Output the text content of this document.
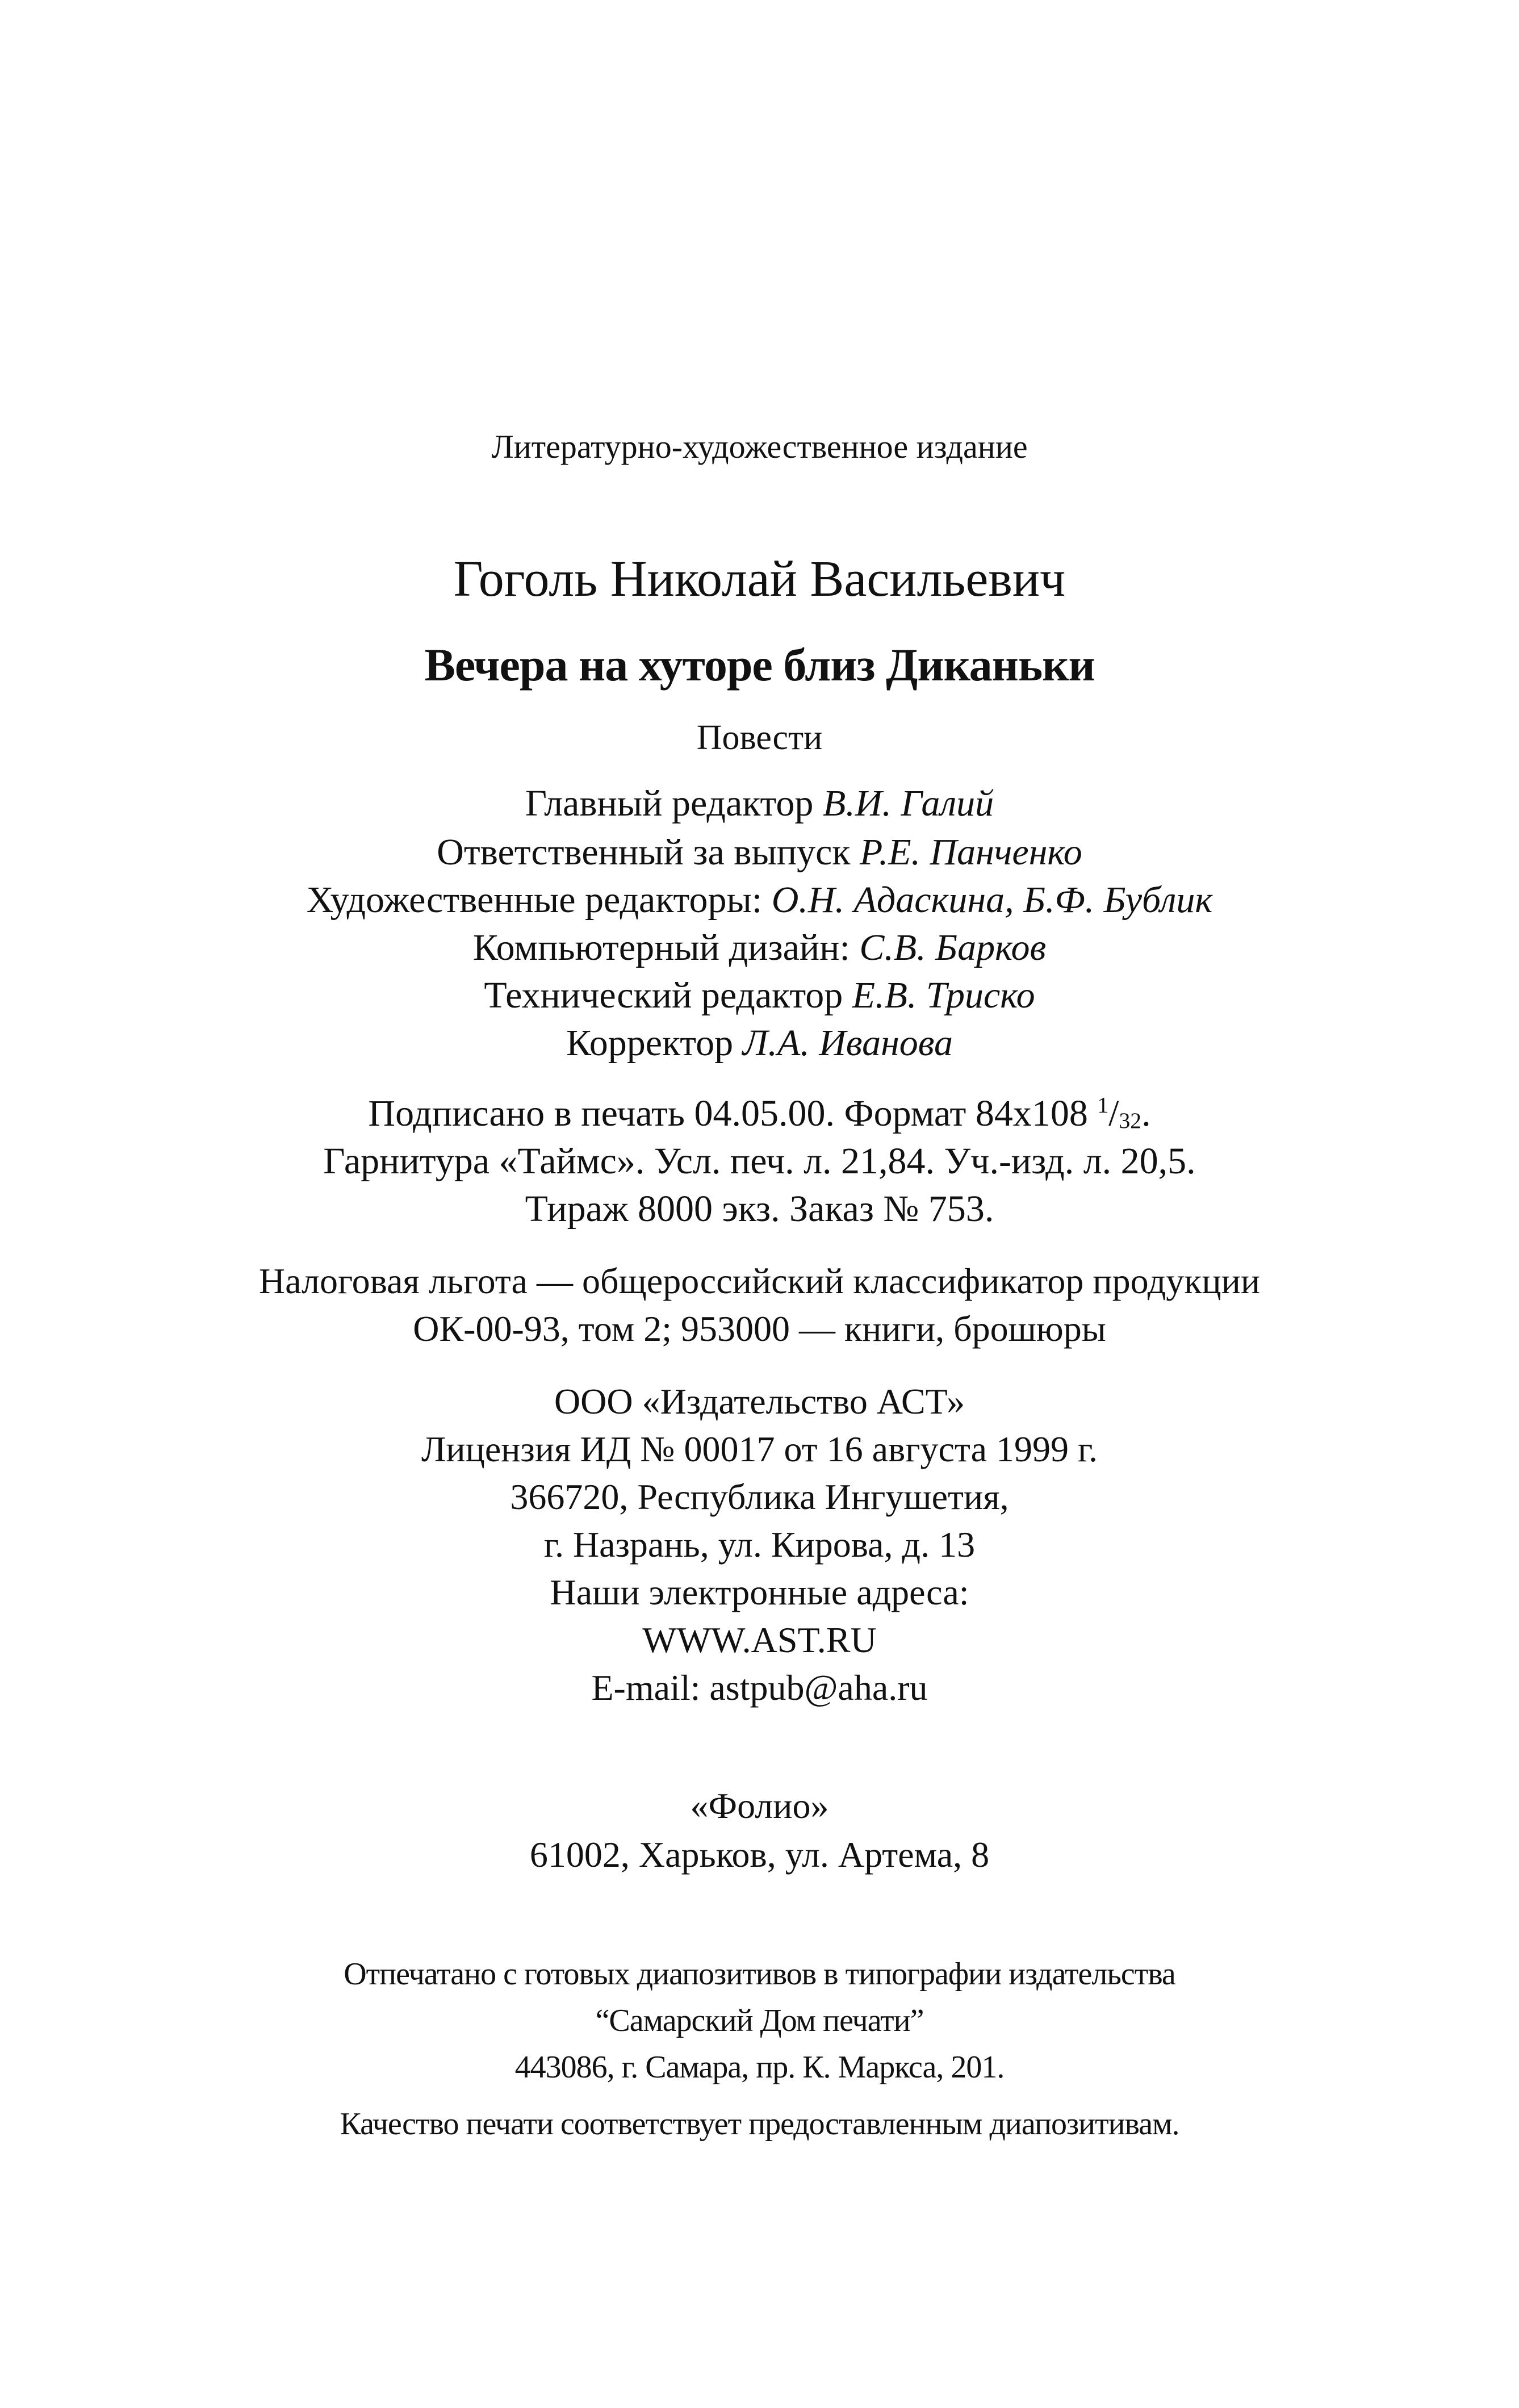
Литературно-художественное издание
Гоголь Николай Васильевич
Вечера на хуторе близ Диканьки
Повести
Главный редактор В.И. Галий
Ответственный за выпуск Р.Е. Панченко
Художественные редакторы: О.Н. Адаскина, Б.Ф. Бублик
Компьютерный дизайн: С.В. Барков
Технический редактор Е.В. Триско
Корректор Л.А. Иванова
Подписано в печать 04.05.00. Формат 84x108 $^1/_{32}$.
Гарнитура «Таймс». Усл. печ. л. 21,84. Уч.-изд. л. 20,5.
Тираж 8000 экз. Заказ № 753.
Налоговая льгота — общероссийский классификатор продукции
ОК-00-93, том 2; 953000 — книги, брошюры
ООО «Издательство АСТ»
Лицензия ИД № 00017 от 16 августа 1999 г.
366720, Республика Ингушетия,
г. Назрань, ул. Кирова, д. 13
Наши электронные адреса:
WWW.AST.RU
E-mail: astpub@aha.ru
«Фолио»
61002, Харьков, ул. Артема, 8
Отпечатано с готовых диапозитивов в типографии издательства
“Самарский Дом печати”
443086, г. Самара, пр. К. Маркса, 201.
Качество печати соответствует предоставленным диапозитивам.
